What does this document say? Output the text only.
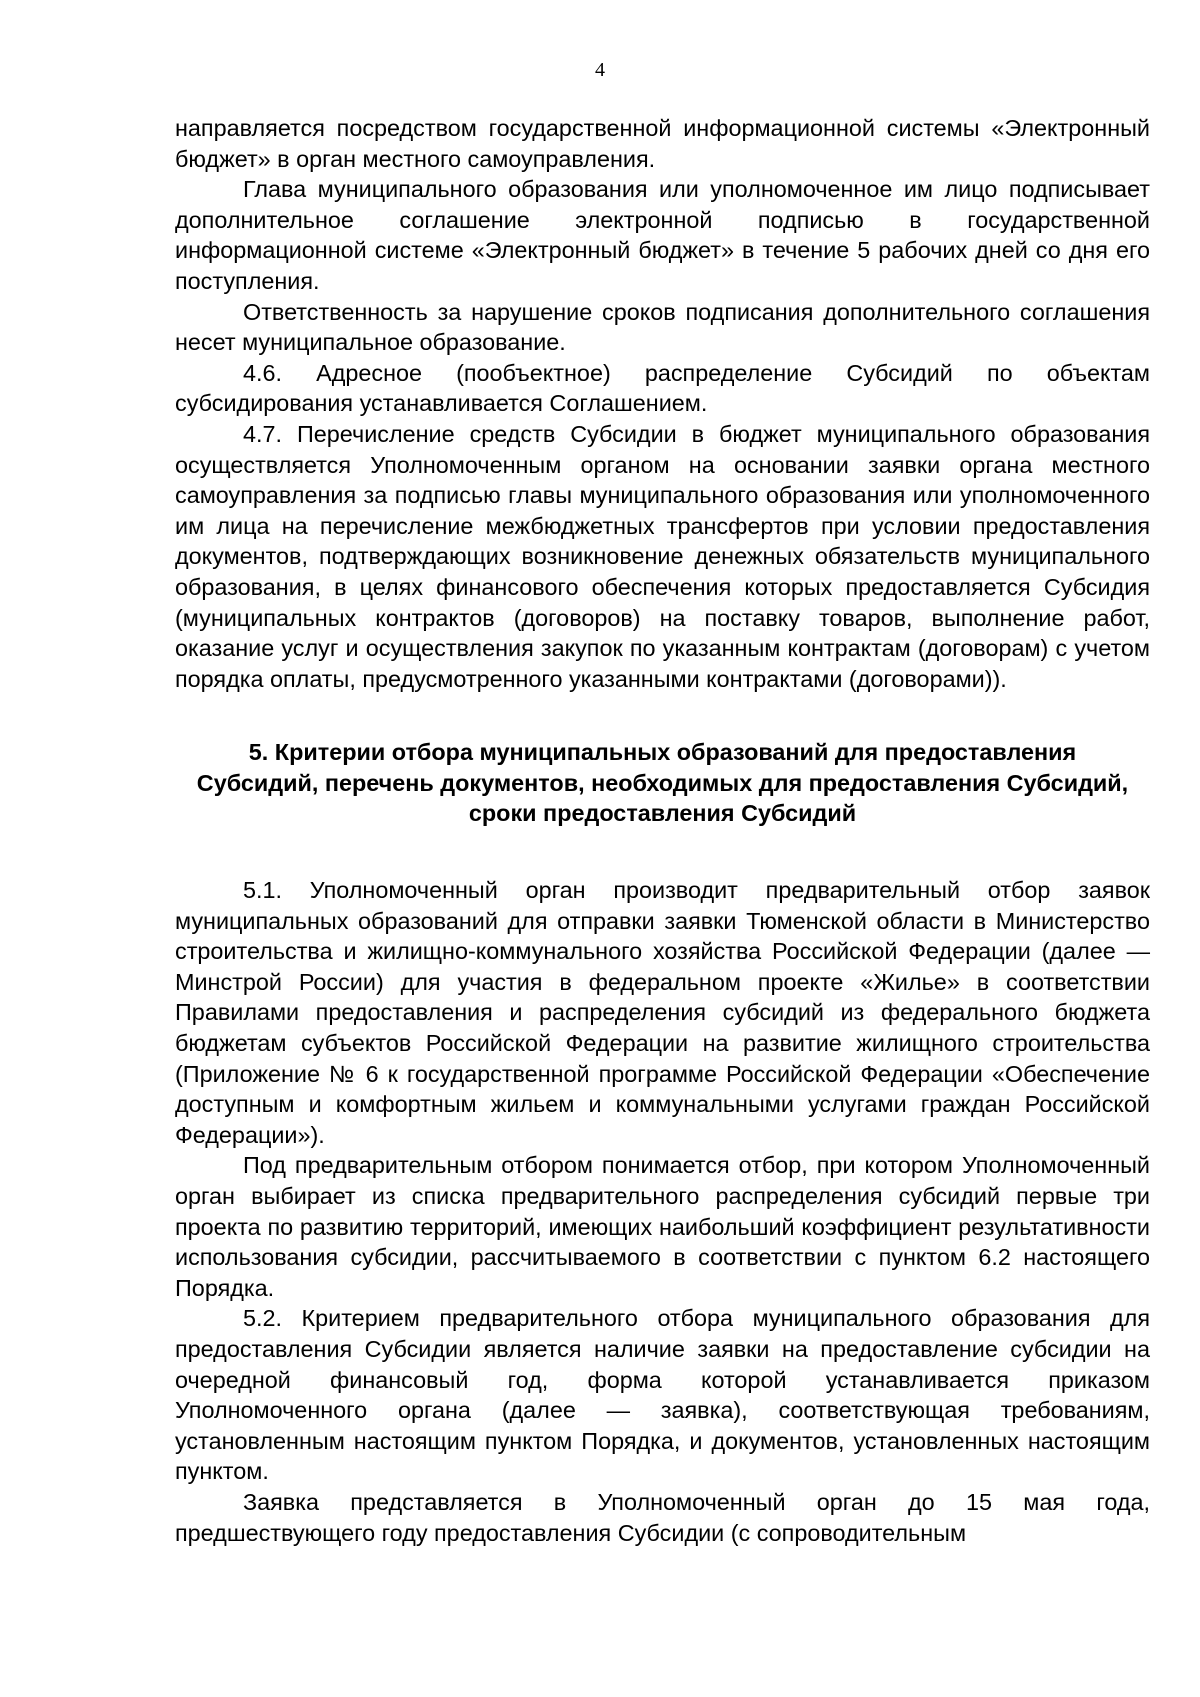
4

направляется посредством государственной информационной системы «Электронный бюджет» в орган местного самоуправления.

Глава муниципального образования или уполномоченное им лицо подписывает дополнительное соглашение электронной подписью в государственной информационной системе «Электронный бюджет» в течение 5 рабочих дней со дня его поступления.

Ответственность за нарушение сроков подписания дополнительного соглашения несет муниципальное образование.

4.6. Адресное (пообъектное) распределение Субсидий по объектам субсидирования устанавливается Соглашением.

4.7. Перечисление средств Субсидии в бюджет муниципального образования осуществляется Уполномоченным органом на основании заявки органа местного самоуправления за подписью главы муниципального образования или уполномоченного им лица на перечисление межбюджетных трансфертов при условии предоставления документов, подтверждающих возникновение денежных обязательств муниципального образования, в целях финансового обеспечения которых предоставляется Субсидия (муниципальных контрактов (договоров) на поставку товаров, выполнение работ, оказание услуг и осуществления закупок по указанным контрактам (договорам) с учетом порядка оплаты, предусмотренного указанными контрактами (договорами)).

5. Критерии отбора муниципальных образований для предоставления Субсидий, перечень документов, необходимых для предоставления Субсидий, сроки предоставления Субсидий

5.1. Уполномоченный орган производит предварительный отбор заявок муниципальных образований для отправки заявки Тюменской области в Министерство строительства и жилищно-коммунального хозяйства Российской Федерации (далее — Минстрой России) для участия в федеральном проекте «Жилье» в соответствии Правилами предоставления и распределения субсидий из федерального бюджета бюджетам субъектов Российской Федерации на развитие жилищного строительства (Приложение № 6 к государственной программе Российской Федерации «Обеспечение доступным и комфортным жильем и коммунальными услугами граждан Российской Федерации»).

Под предварительным отбором понимается отбор, при котором Уполномоченный орган выбирает из списка предварительного распределения субсидий первые три проекта по развитию территорий, имеющих наибольший коэффициент результативности использования субсидии, рассчитываемого в соответствии с пунктом 6.2 настоящего Порядка.

5.2. Критерием предварительного отбора муниципального образования для предоставления Субсидии является наличие заявки на предоставление субсидии на очередной финансовый год, форма которой устанавливается приказом Уполномоченного органа (далее — заявка), соответствующая требованиям, установленным настоящим пунктом Порядка, и документов, установленных настоящим пунктом.

Заявка представляется в Уполномоченный орган до 15 мая года, предшествующего году предоставления Субсидии (с сопроводительным
